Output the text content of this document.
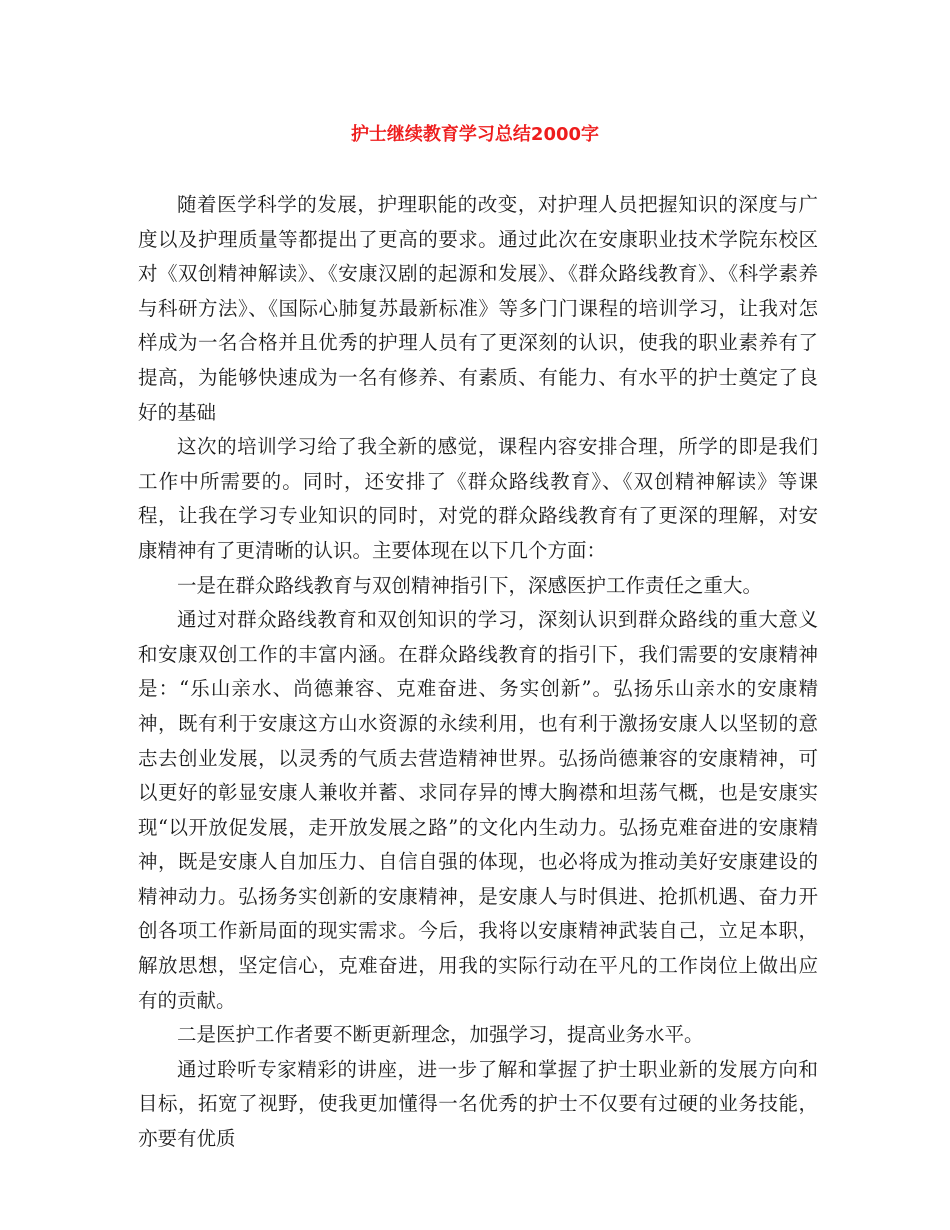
护士继续教育学习总结2000字

随着医学科学的发展，护理职能的改变，对护理人员把握知识的深度与广度以及护理质量等都提出了更高的要求。通过此次在安康职业技术学院东校区对《双创精神解读》、《安康汉剧的起源和发展》、《群众路线教育》、《科学素养与科研方法》、《国际心肺复苏最新标准》等多门门课程的培训学习，让我对怎样成为一名合格并且优秀的护理人员有了更深刻的认识，使我的职业素养有了提高，为能够快速成为一名有修养、有素质、有能力、有水平的护士奠定了良好的基础

这次的培训学习给了我全新的感觉，课程内容安排合理，所学的即是我们工作中所需要的。同时，还安排了《群众路线教育》、《双创精神解读》等课程，让我在学习专业知识的同时，对党的群众路线教育有了更深的理解，对安康精神有了更清晰的认识。主要体现在以下几个方面：

一是在群众路线教育与双创精神指引下，深感医护工作责任之重大。

通过对群众路线教育和双创知识的学习，深刻认识到群众路线的重大意义和安康双创工作的丰富内涵。在群众路线教育的指引下，我们需要的安康精神是：“乐山亲水、尚德兼容、克难奋进、务实创新”。弘扬乐山亲水的安康精神，既有利于安康这方山水资源的永续利用，也有利于激扬安康人以坚韧的意志去创业发展，以灵秀的气质去营造精神世界。弘扬尚德兼容的安康精神，可以更好的彰显安康人兼收并蓄、求同存异的博大胸襟和坦荡气概，也是安康实现“以开放促发展，走开放发展之路”的文化内生动力。弘扬克难奋进的安康精神，既是安康人自加压力、自信自强的体现，也必将成为推动美好安康建设的精神动力。弘扬务实创新的安康精神，是安康人与时俱进、抢抓机遇、奋力开创各项工作新局面的现实需求。今后，我将以安康精神武装自己，立足本职，解放思想，坚定信心，克难奋进，用我的实际行动在平凡的工作岗位上做出应有的贡献。

二是医护工作者要不断更新理念，加强学习，提高业务水平。

通过聆听专家精彩的讲座，进一步了解和掌握了护士职业新的发展方向和目标，拓宽了视野，使我更加懂得一名优秀的护士不仅要有过硬的业务技能，亦要有优质
